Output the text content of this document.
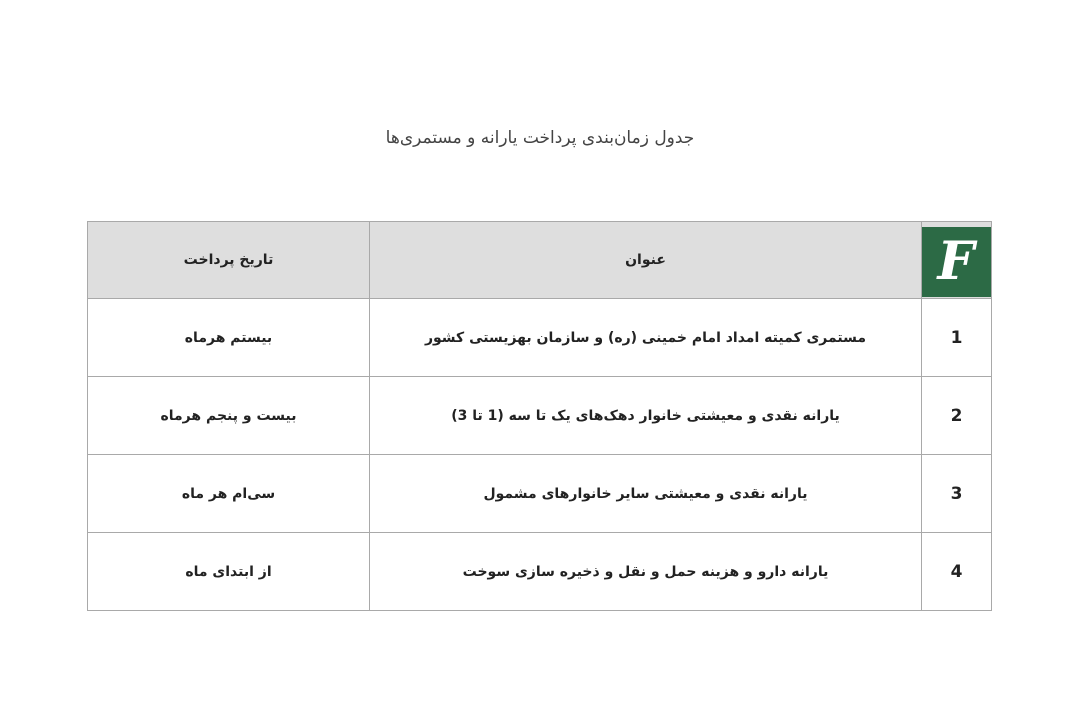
جدول زمان‌بندی پرداخت یارانه و مستمری‌ها
F	عنوان	تاریخ پرداخت
1	مستمری کمیته امداد امام خمینی (ره) و سازمان بهزیستی کشور	بیستم هرماه
2	یارانه نقدی و معیشتی خانوار دهک‌های یک تا سه (1 تا 3)	بیست و پنجم هرماه
3	یارانه نقدی و معیشتی سایر خانوارهای مشمول	سی‌ام هر ماه
4	یارانه دارو و هزینه حمل و نقل و ذخیره سازی سوخت	از ابتدای ماه
